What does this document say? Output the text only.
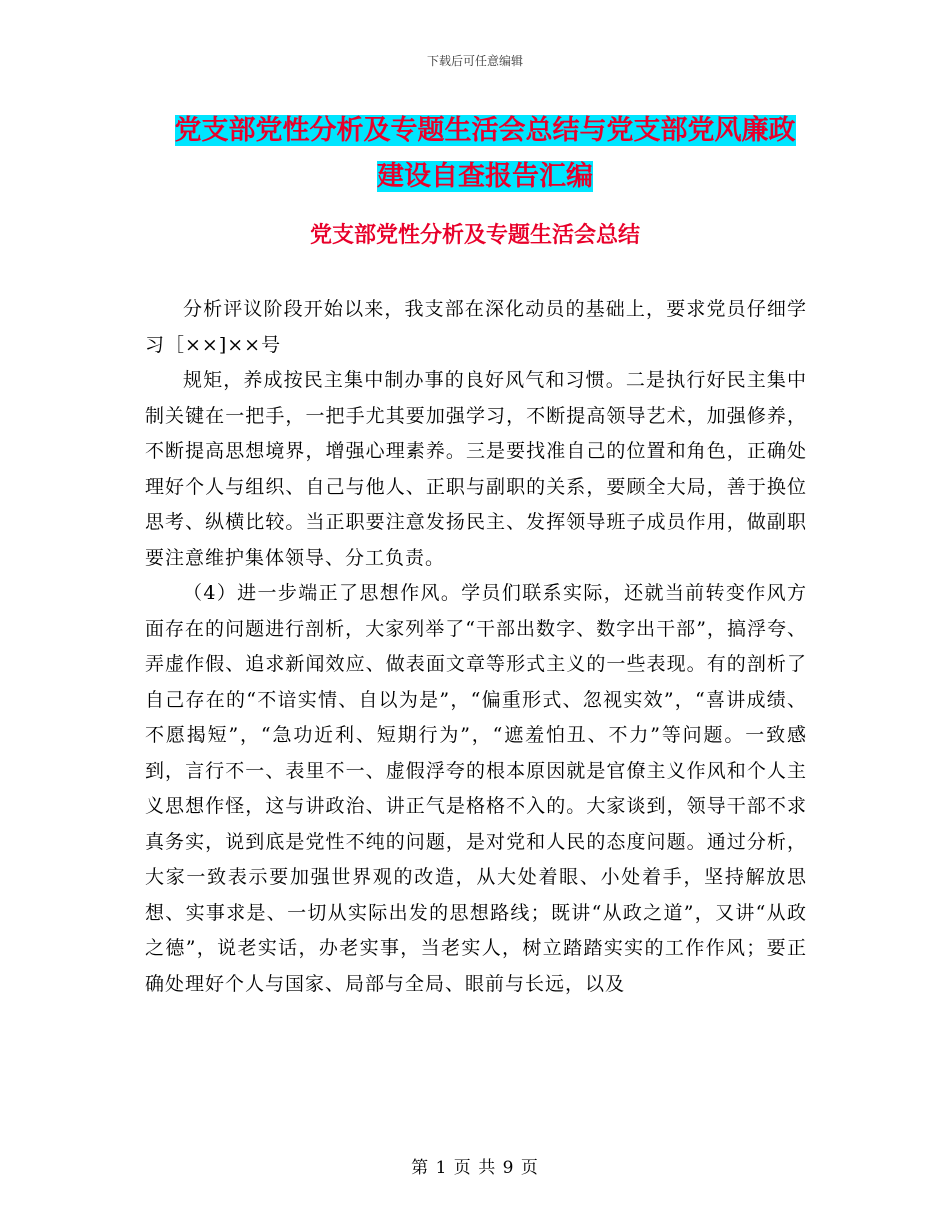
下载后可任意编辑
党支部党性分析及专题生活会总结与党支部党风廉政
建设自查报告汇编
党支部党性分析及专题生活会总结

分析评议阶段开始以来，我支部在深化动员的基础上，要求党员仔细学习［××]××号

规矩，养成按民主集中制办事的良好风气和习惯。二是执行好民主集中制关键在一把手，一把手尤其要加强学习，不断提高领导艺术，加强修养，不断提高思想境界，增强心理素养。三是要找准自己的位置和角色，正确处理好个人与组织、自己与他人、正职与副职的关系，要顾全大局，善于换位思考、纵横比较。当正职要注意发扬民主、发挥领导班子成员作用，做副职要注意维护集体领导、分工负责。

（4）进一步端正了思想作风。学员们联系实际，还就当前转变作风方面存在的问题进行剖析，大家列举了“干部出数字、数字出干部”，搞浮夸、弄虚作假、追求新闻效应、做表面文章等形式主义的一些表现。有的剖析了自己存在的“不谙实情、自以为是”，“偏重形式、忽视实效”，“喜讲成绩、不愿揭短”，“急功近利、短期行为”，“遮羞怕丑、不力”等问题。一致感到，言行不一、表里不一、虚假浮夸的根本原因就是官僚主义作风和个人主义思想作怪，这与讲政治、讲正气是格格不入的。大家谈到，领导干部不求真务实，说到底是党性不纯的问题，是对党和人民的态度问题。通过分析，大家一致表示要加强世界观的改造，从大处着眼、小处着手，坚持解放思想、实事求是、一切从实际出发的思想路线；既讲“从政之道”，又讲“从政之德”，说老实话，办老实事，当老实人，树立踏踏实实的工作作风；要正确处理好个人与国家、局部与全局、眼前与长远，以及

第 1 页 共 9 页
